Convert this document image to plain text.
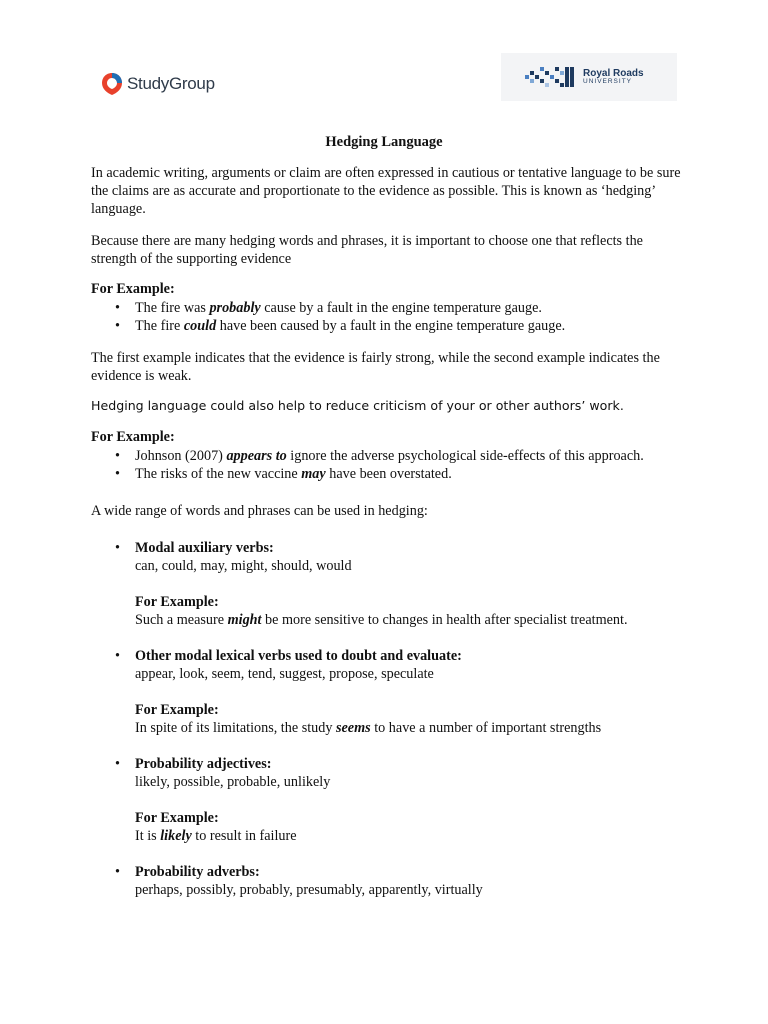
StudyGroup
Royal Roads
UNIVERSITY
Hedging Language

In academic writing, arguments or claim are often expressed in cautious or tentative language to be sure the claims are as accurate and proportionate to the evidence as possible. This is known as ‘hedging’ language.

Because there are many hedging words and phrases, it is important to choose one that reflects the strength of the supporting evidence

For Example:
• The fire was probably cause by a fault in the engine temperature gauge.
• The fire could have been caused by a fault in the engine temperature gauge.
The first example indicates that the evidence is fairly strong, while the second example indicates the evidence is weak.
Hedging language could also help to reduce criticism of your or other authors’ work.
For Example:
• Johnson (2007) appears to ignore the adverse psychological side-effects of this approach.
• The risks of the new vaccine may have been overstated.
A wide range of words and phrases can be used in hedging:
• Modal auxiliary verbs:
can, could, may, might, should, would
For Example:
Such a measure might be more sensitive to changes in health after specialist treatment.
• Other modal lexical verbs used to doubt and evaluate:
appear, look, seem, tend, suggest, propose, speculate
For Example:
In spite of its limitations, the study seems to have a number of important strengths
• Probability adjectives:
likely, possible, probable, unlikely
For Example:
It is likely to result in failure
• Probability adverbs:
perhaps, possibly, probably, presumably, apparently, virtually
